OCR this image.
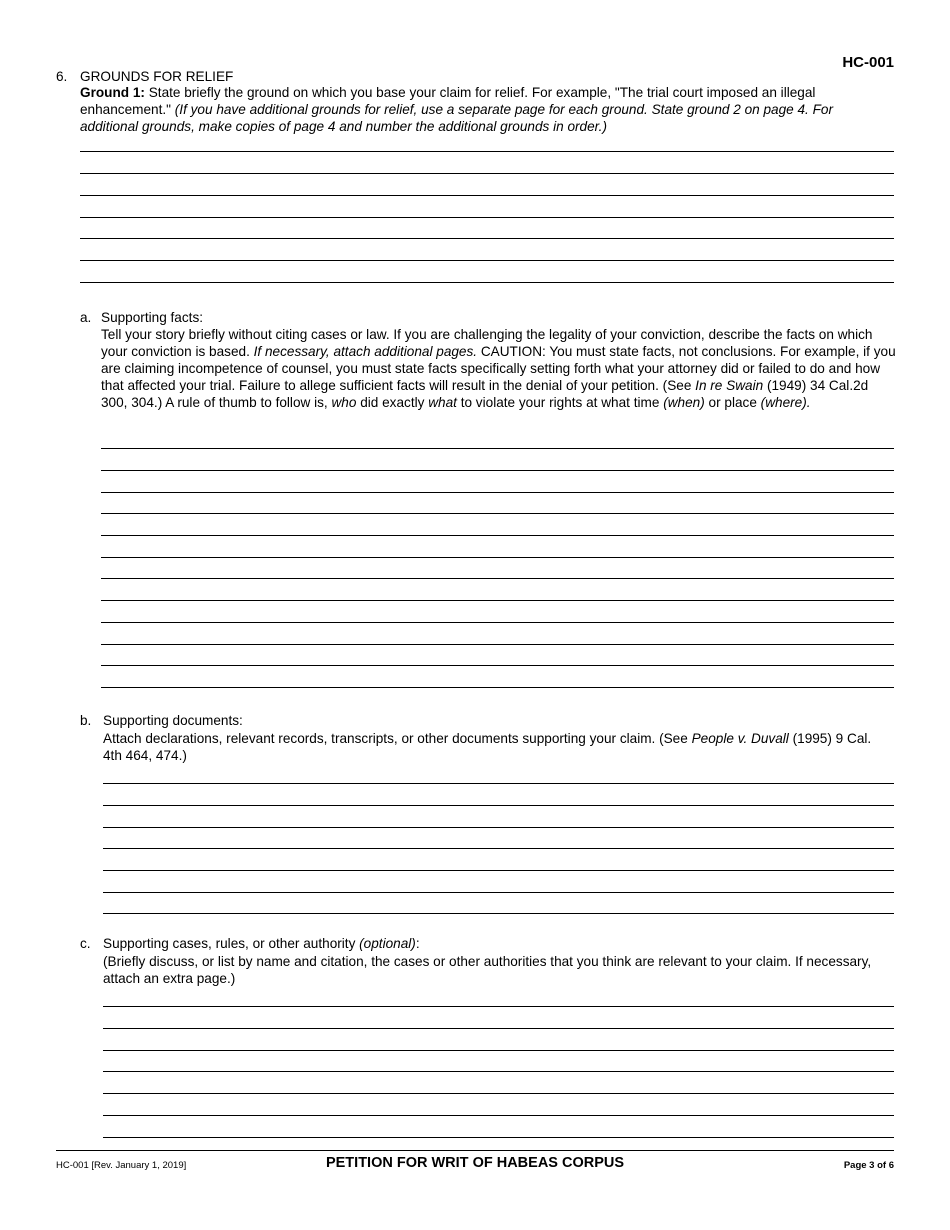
HC-001
6. GROUNDS FOR RELIEF
Ground 1: State briefly the ground on which you base your claim for relief. For example, "The trial court imposed an illegal enhancement." (If you have additional grounds for relief, use a separate page for each ground. State ground 2 on page 4. For additional grounds, make copies of page 4 and number the additional grounds in order.)
a. Supporting facts:
Tell your story briefly without citing cases or law. If you are challenging the legality of your conviction, describe the facts on which your conviction is based. If necessary, attach additional pages. CAUTION: You must state facts, not conclusions. For example, if you are claiming incompetence of counsel, you must state facts specifically setting forth what your attorney did or failed to do and how that affected your trial. Failure to allege sufficient facts will result in the denial of your petition. (See In re Swain (1949) 34 Cal.2d 300, 304.) A rule of thumb to follow is, who did exactly what to violate your rights at what time (when) or place (where).
b. Supporting documents:
Attach declarations, relevant records, transcripts, or other documents supporting your claim. (See People v. Duvall (1995) 9 Cal. 4th 464, 474.)
c. Supporting cases, rules, or other authority (optional):
(Briefly discuss, or list by name and citation, the cases or other authorities that you think are relevant to your claim. If necessary, attach an extra page.)
HC-001 [Rev. January 1, 2019]	PETITION FOR WRIT OF HABEAS CORPUS	Page 3 of 6
